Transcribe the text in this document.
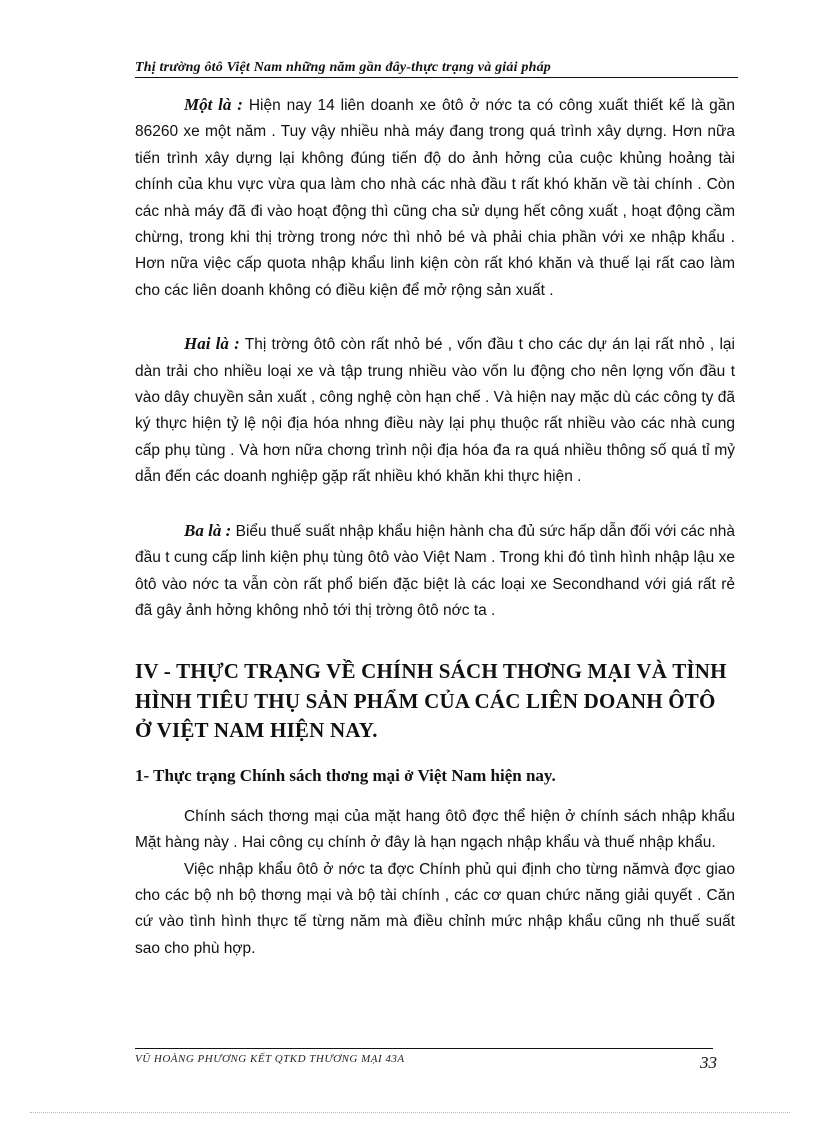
Thị trường ôtô Việt Nam những năm gần đây-thực trạng và giải pháp

Một là : Hiện nay 14 liên doanh xe ôtô ở nớc ta có công xuất thiết kế là gần 86260 xe một năm . Tuy vậy nhiều nhà máy đang trong quá trình xây dựng. Hơn nữa tiến trình xây dựng lại không đúng tiến độ do ảnh hởng của cuộc khủng hoảng tài chính của khu vực vừa qua làm cho nhà các nhà đầu t rất khó khăn về tài chính . Còn các nhà máy đã đi vào hoạt động thì cũng cha sử dụng hết công xuất , hoạt động cầm chừng, trong khi thị trờng trong nớc thì nhỏ bé và phải chia phần với xe nhập khẩu . Hơn nữa việc cấp quota nhập khẩu linh kiện còn rất khó khăn và thuế lại rất cao làm cho các liên doanh không có điều kiện để mở rộng sản xuất .

Hai là : Thị trờng ôtô còn rất nhỏ bé , vốn đầu t cho các dự án lại rất nhỏ , lại dàn trải cho nhiều loại xe và tập trung nhiều vào vốn lu động cho nên lợng vốn đầu t vào dây chuyền sản xuất , công nghệ còn hạn chế . Và hiện nay mặc dù các công ty đã ký thực hiện tỷ lệ nội địa hóa nhng điều này lại phụ thuộc rất nhiều vào các nhà cung cấp phụ tùng . Và hơn nữa chơng trình nội địa hóa đa ra quá nhiều thông số quá tỉ mỷ dẫn đến các doanh nghiệp gặp rất nhiều khó khăn khi thực hiện .

Ba là : Biểu thuế suất nhập khẩu hiện hành cha đủ sức hấp dẫn đối với các nhà đầu t cung cấp linh kiện phụ tùng ôtô vào Việt Nam . Trong khi đó tình hình nhập lậu xe ôtô vào nớc ta vẫn còn rất phổ biến đặc biệt là các loại xe Secondhand với giá rất rẻ đã gây ảnh hởng không nhỏ tới thị trờng ôtô nớc ta .

IV - THỰC TRẠNG VỀ CHÍNH SÁCH THƠNG MẠI VÀ TÌNH HÌNH TIÊU THỤ SẢN PHẨM CỦA CÁC LIÊN DOANH ÔTÔ Ở VIỆT NAM HIỆN NAY.
1- Thực trạng Chính sách thơng mại ở Việt Nam hiện nay.

Chính sách thơng mại của mặt hang ôtô đợc thể hiện ở chính sách nhập khẩu Mặt hàng này . Hai công cụ chính ở đây là hạn ngạch nhập khẩu và thuế nhập khẩu.

Việc nhập khẩu ôtô ở nớc ta đợc Chính phủ qui định cho từng nămvà đợc giao cho các bộ nh bộ thơng mại và bộ tài chính , các cơ quan chức năng giải quyết . Căn cứ vào tình hình thực tế từng năm mà điều chỉnh mức nhập khẩu cũng nh thuế suất sao cho phù hợp.

VŨ HOÀNG PHƯƠNG KẾT QTKD THƯƠNG MẠI 43A	33
